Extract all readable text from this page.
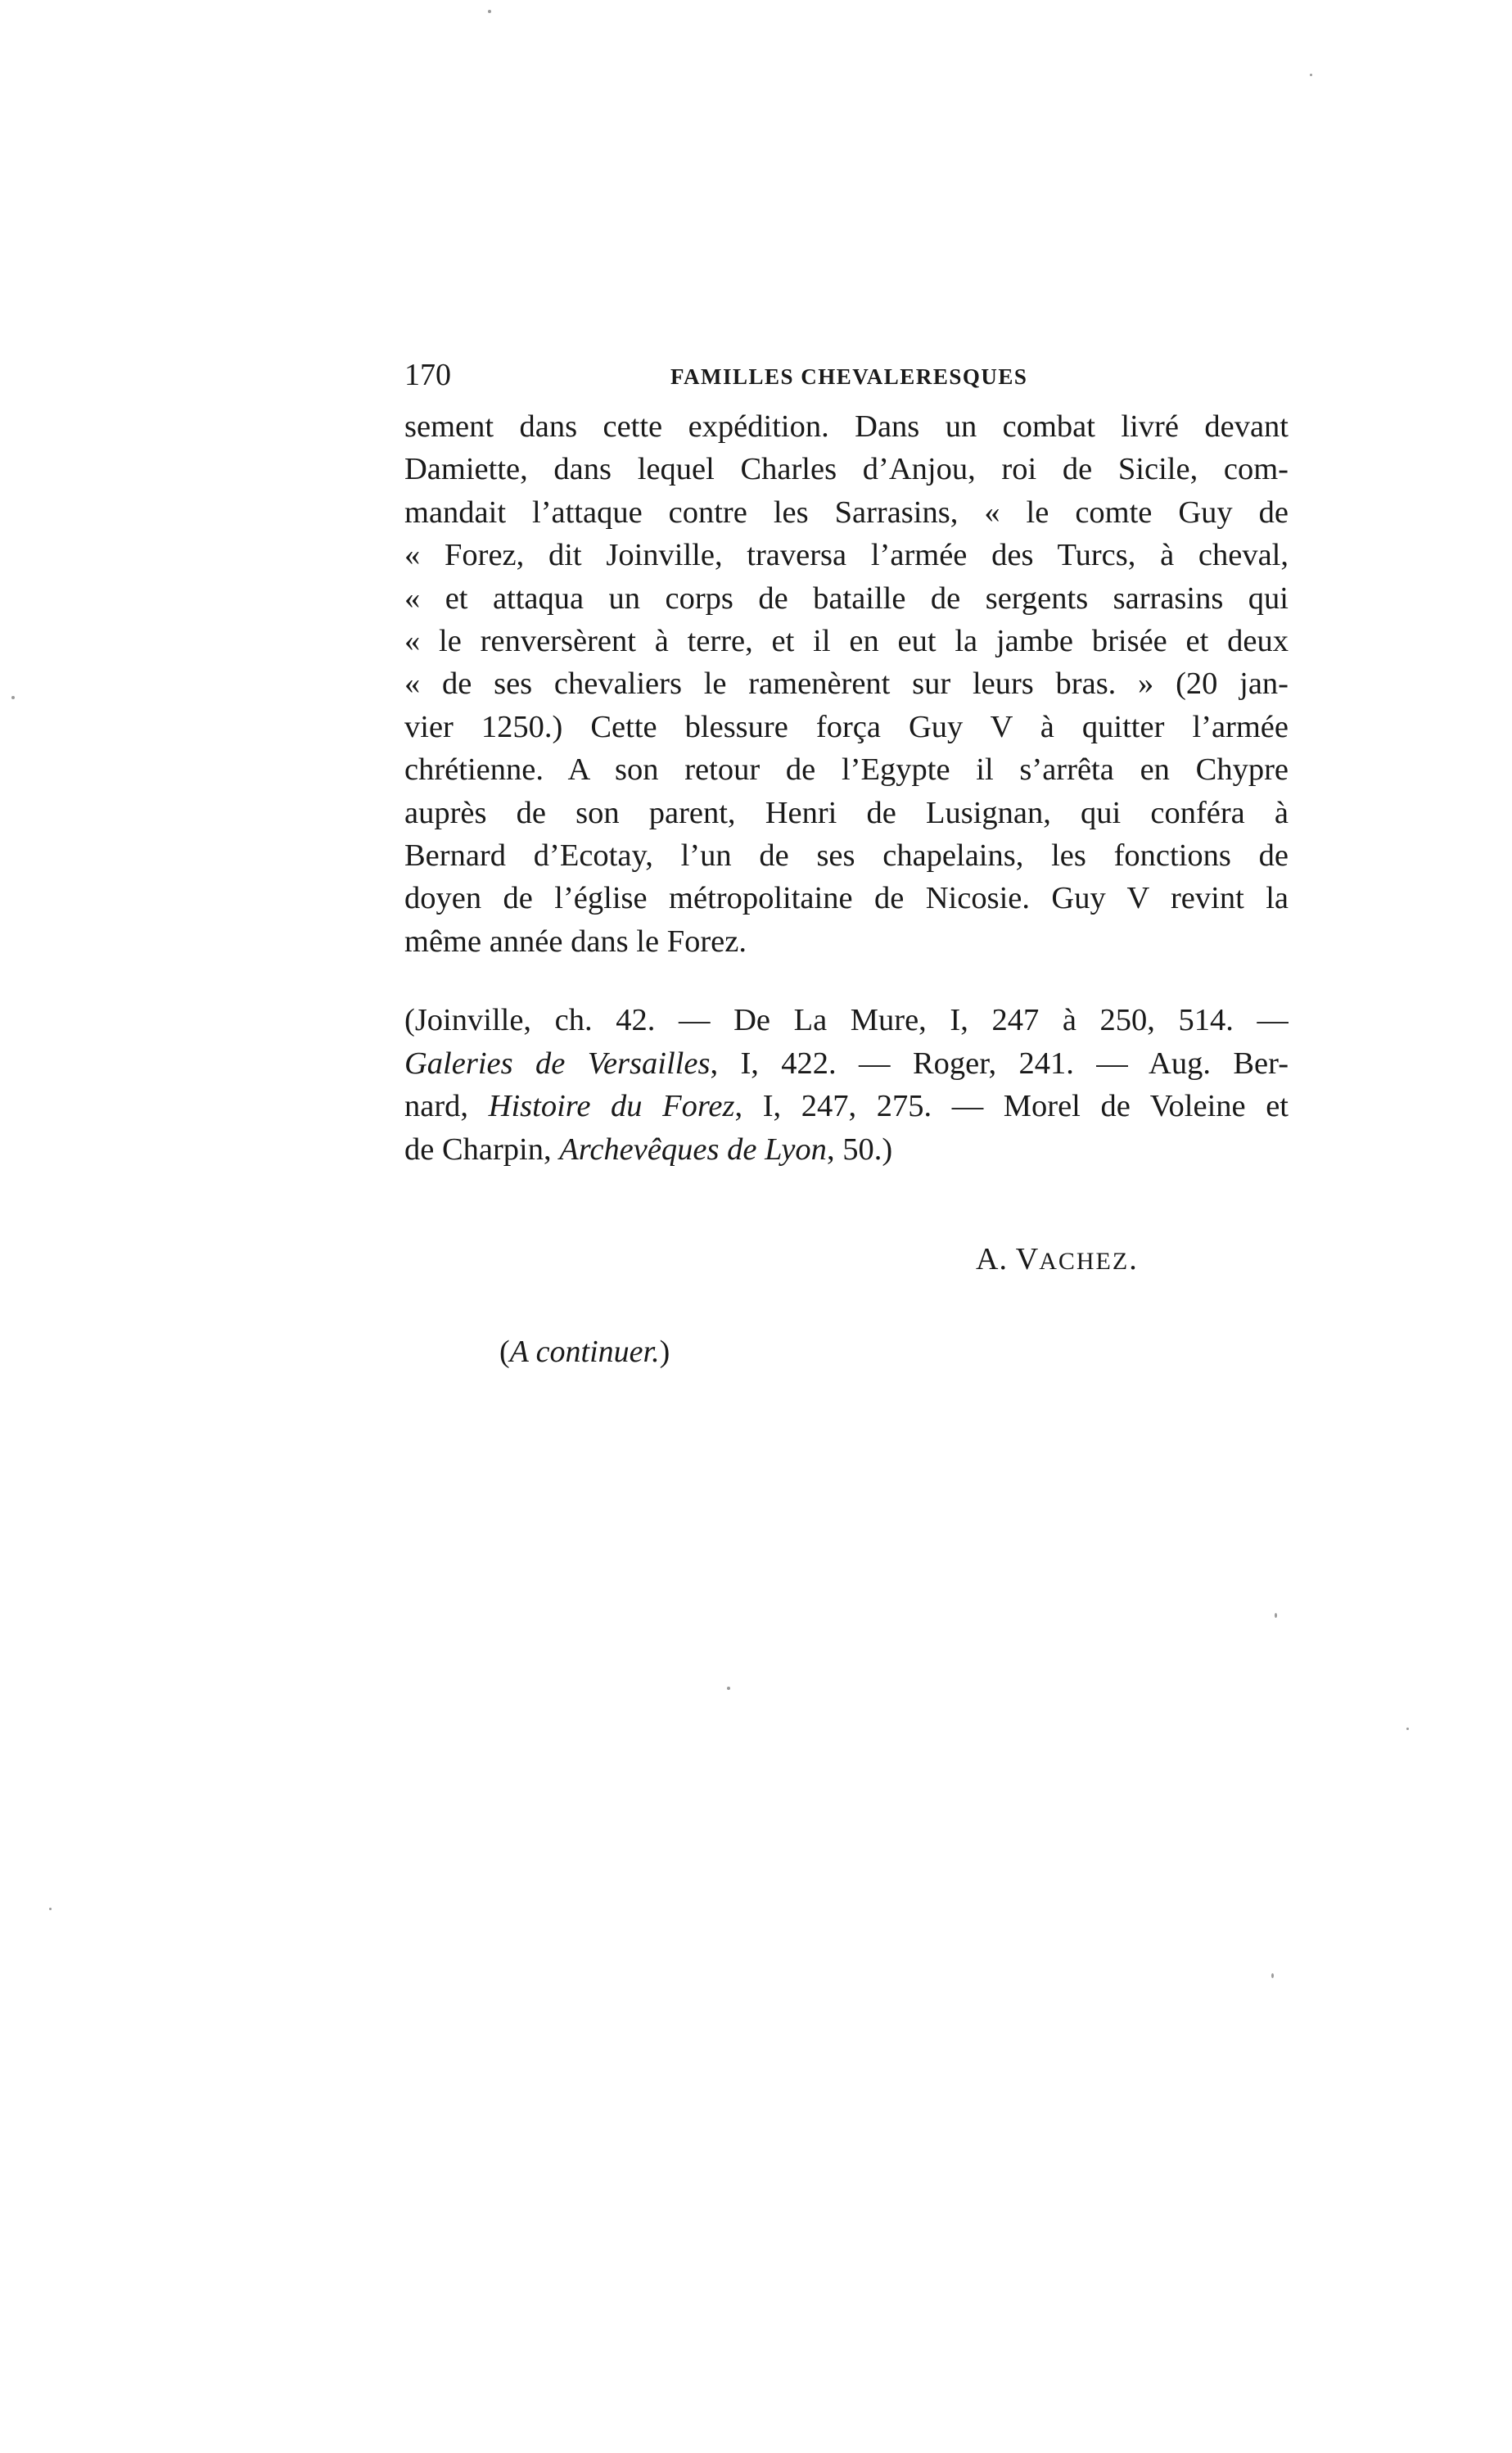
170	FAMILLES CHEVALERESQUES
sement dans cette expédition. Dans un combat livré devant
Damiette, dans lequel Charles d’Anjou, roi de Sicile, com-
mandait l’attaque contre les Sarrasins, « le comte Guy de
« Forez, dit Joinville, traversa l’armée des Turcs, à cheval,
« et attaqua un corps de bataille de sergents sarrasins qui
« le renversèrent à terre, et il en eut la jambe brisée et deux
« de ses chevaliers le ramenèrent sur leurs bras. » (20 jan-
vier 1250.) Cette blessure força Guy V à quitter l’armée
chrétienne. A son retour de l’Egypte il s’arrêta en Chypre
auprès de son parent, Henri de Lusignan, qui conféra à
Bernard d’Ecotay, l’un de ses chapelains, les fonctions de
doyen de l’église métropolitaine de Nicosie. Guy V revint la
même année dans le Forez.
(Joinville, ch. 42. — De La Mure, I, 247 à 250, 514. —
Galeries de Versailles, I, 422. — Roger, 241. — Aug. Ber-
nard, Histoire du Forez, I, 247, 275. — Morel de Voleine et
de Charpin, Archevêques de Lyon, 50.)
A. VACHEZ.
(A continuer.)
